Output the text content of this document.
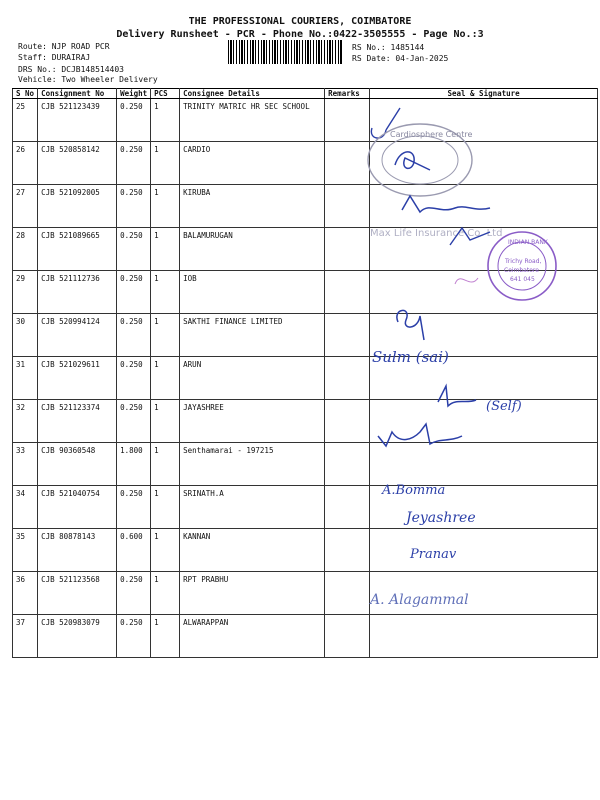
THE PROFESSIONAL COURIERS, COIMBATORE
Delivery Runsheet - PCR - Phone No.:0422-3505555 - Page No.:3
Route: NJP ROAD PCR
Staff: DURAIRAJ
DRS No.: DCJB148514403
Vehicle: Two Wheeler Delivery
RS No.: 1485144
RS Date: 04-Jan-2025
S No	Consignment No	Weight	PCS	Consignee Details	Remarks	Seal & Signature
25	CJB 521123439	0.250	1	TRINITY MATRIC HR SEC SCHOOL		
26	CJB 520858142	0.250	1	CARDIO		
27	CJB 521092005	0.250	1	KIRUBA		
28	CJB 521089665	0.250	1	BALAMURUGAN		
29	CJB 521112736	0.250	1	IOB		
30	CJB 520994124	0.250	1	SAKTHI FINANCE LIMITED		
31	CJB 521029611	0.250	1	ARUN		
32	CJB 521123374	0.250	1	JAYASHREE		
33	CJB 90360548	1.800	1	Senthamarai - 197215		
34	CJB 521040754	0.250	1	SRINATH.A		
35	CJB 80878143	0.600	1	KANNAN		
36	CJB 521123568	0.250	1	RPT PRABHU		
37	CJB 520983079	0.250	1	ALWARAPPAN		
Cardiosphere Centre
Max Life Insurance Co. Ltd
INDIAN BANK
Trichy Road,
Coimbatore
641 045
Sulm (sai)
(Self)
A.Bomma
Jeyashree
Pranav
A. Alagammal
